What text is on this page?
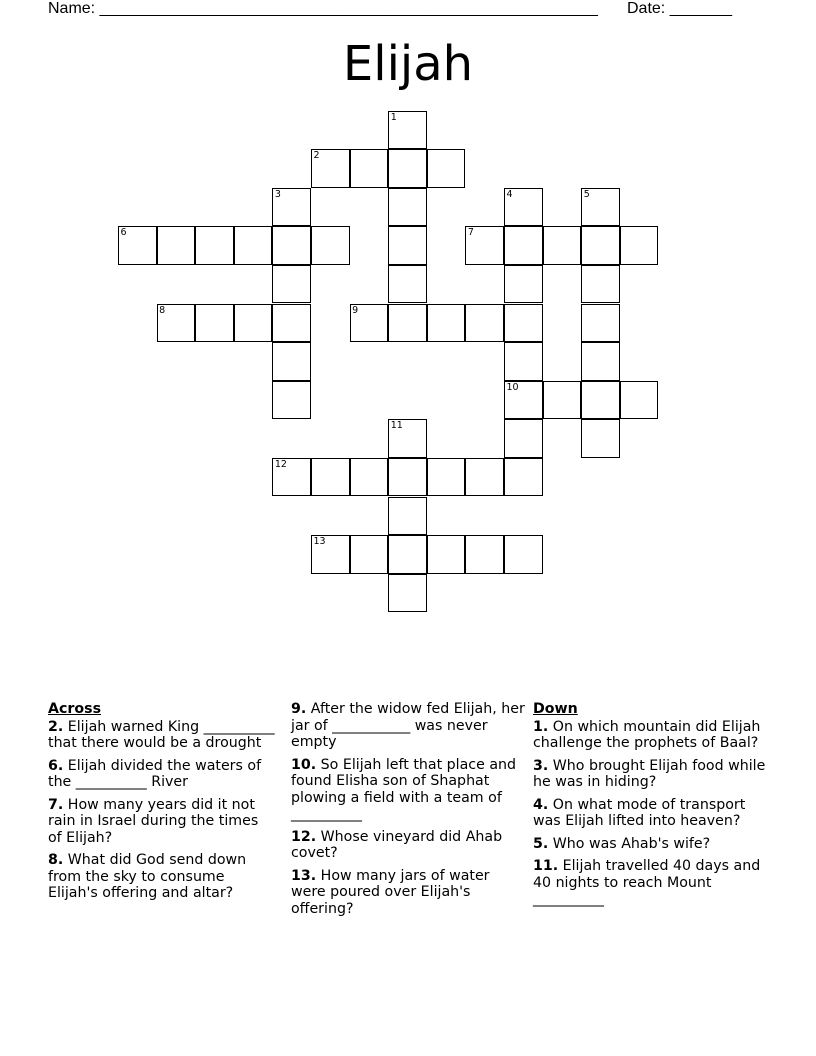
Name: ________________________________________________________ Date: _______
Elijah
1
2
3	4	5
6	7
8	9
10
11
12
13
Across
2. Elijah warned King __________ that there would be a drought
6. Elijah divided the waters of the __________ River
7. How many years did it not rain in Israel during the times of Elijah?
8. What did God send down from the sky to consume Elijah's offering and altar?
9. After the widow fed Elijah, her jar of ___________ was never empty
10. So Elijah left that place and found Elisha son of Shaphat plowing a field with a team of __________
12. Whose vineyard did Ahab covet?
13. How many jars of water were poured over Elijah's offering?
Down
1. On which mountain did Elijah challenge the prophets of Baal?
3. Who brought Elijah food while he was in hiding?
4. On what mode of transport was Elijah lifted into heaven?
5. Who was Ahab's wife?
11. Elijah travelled 40 days and 40 nights to reach Mount __________
